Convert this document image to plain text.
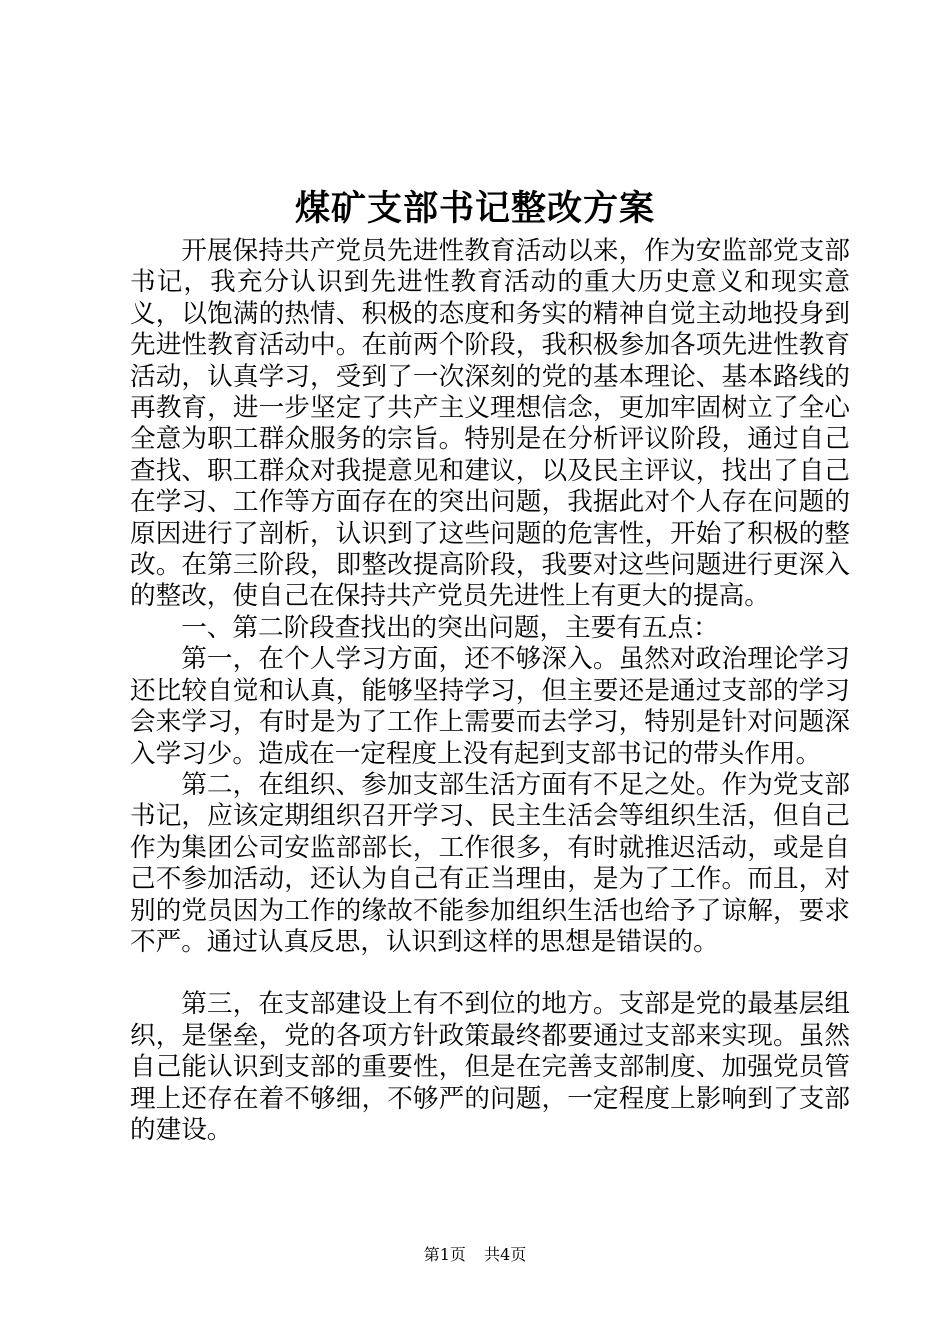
煤矿支部书记整改方案

开展保持共产党员先进性教育活动以来，作为安监部党支部书记，我充分认识到先进性教育活动的重大历史意义和现实意义，以饱满的热情、积极的态度和务实的精神自觉主动地投身到先进性教育活动中。在前两个阶段，我积极参加各项先进性教育活动，认真学习，受到了一次深刻的党的基本理论、基本路线的再教育，进一步坚定了共产主义理想信念，更加牢固树立了全心全意为职工群众服务的宗旨。特别是在分析评议阶段，通过自己查找、职工群众对我提意见和建议，以及民主评议，找出了自己在学习、工作等方面存在的突出问题，我据此对个人存在问题的原因进行了剖析，认识到了这些问题的危害性，开始了积极的整改。在第三阶段，即整改提高阶段，我要对这些问题进行更深入的整改，使自己在保持共产党员先进性上有更大的提高。

一、第二阶段查找出的突出问题，主要有五点：

第一，在个人学习方面，还不够深入。虽然对政治理论学习还比较自觉和认真，能够坚持学习，但主要还是通过支部的学习会来学习，有时是为了工作上需要而去学习，特别是针对问题深入学习少。造成在一定程度上没有起到支部书记的带头作用。

第二，在组织、参加支部生活方面有不足之处。作为党支部书记，应该定期组织召开学习、民主生活会等组织生活，但自己作为集团公司安监部部长，工作很多，有时就推迟活动，或是自己不参加活动，还认为自己有正当理由，是为了工作。而且，对别的党员因为工作的缘故不能参加组织生活也给予了谅解，要求不严。通过认真反思，认识到这样的思想是错误的。

第三，在支部建设上有不到位的地方。支部是党的最基层组织，是堡垒，党的各项方针政策最终都要通过支部来实现。虽然自己能认识到支部的重要性，但是在完善支部制度、加强党员管理上还存在着不够细，不够严的问题，一定程度上影响到了支部的建设。

第1页 共4页
